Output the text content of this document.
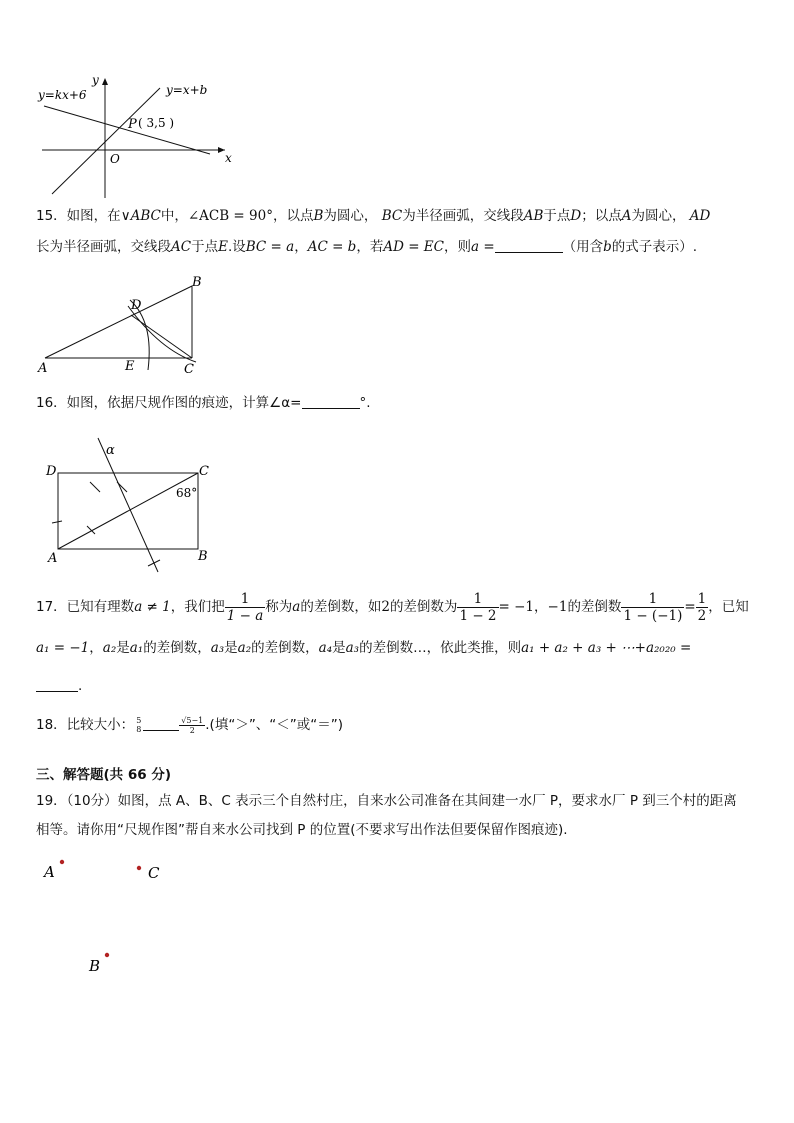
y=kx+6	y=x+b
P ( 3,5 )
O	x
y
15．如图，在∨ABC中，∠ACB = 90°，以点B为圆心， BC为半径画弧，交线段AB于点D；以点A为圆心， AD
长为半径画弧，交线段AC于点E.设BC = a，AC = b，若AD = EC，则a =	（用含b的式子表示）.
A
B
C
D
E
16．如图，依据尺规作图的痕迹，计算∠α=	°.
α
D	C
68°
A	B
17．已知有理数a ≠ 1，我们把 $\frac{1}{1 - a}$ 称为a的差倒数，如2的差倒数为 $\frac{1}{1 - 2} = -1$，−1的差倒数 $\frac{1}{1 - (-1)} = \frac{1}{2}$ ，已知
a₁ = −1，a₂是a₁的差倒数，a₃是a₂的差倒数，a₄是a₃的差倒数…，依此类推，则a₁ + a₂ + a₃ + ⋯+a₂₀₂₀ =
.
18．比较大小： 5
8	$\frac{√5-1}{2}$ .(填“＞”、“＜”或“＝”)
三、解答题(共 66 分)
19．（10分）如图，点 A、B、C 表示三个自然村庄，自来水公司准备在其间建一水厂 P，要求水厂 P 到三个村的距离
相等。请你用“尺规作图”帮自来水公司找到 P 的位置(不要求写出作法但要保留作图痕迹).
A	C
B
